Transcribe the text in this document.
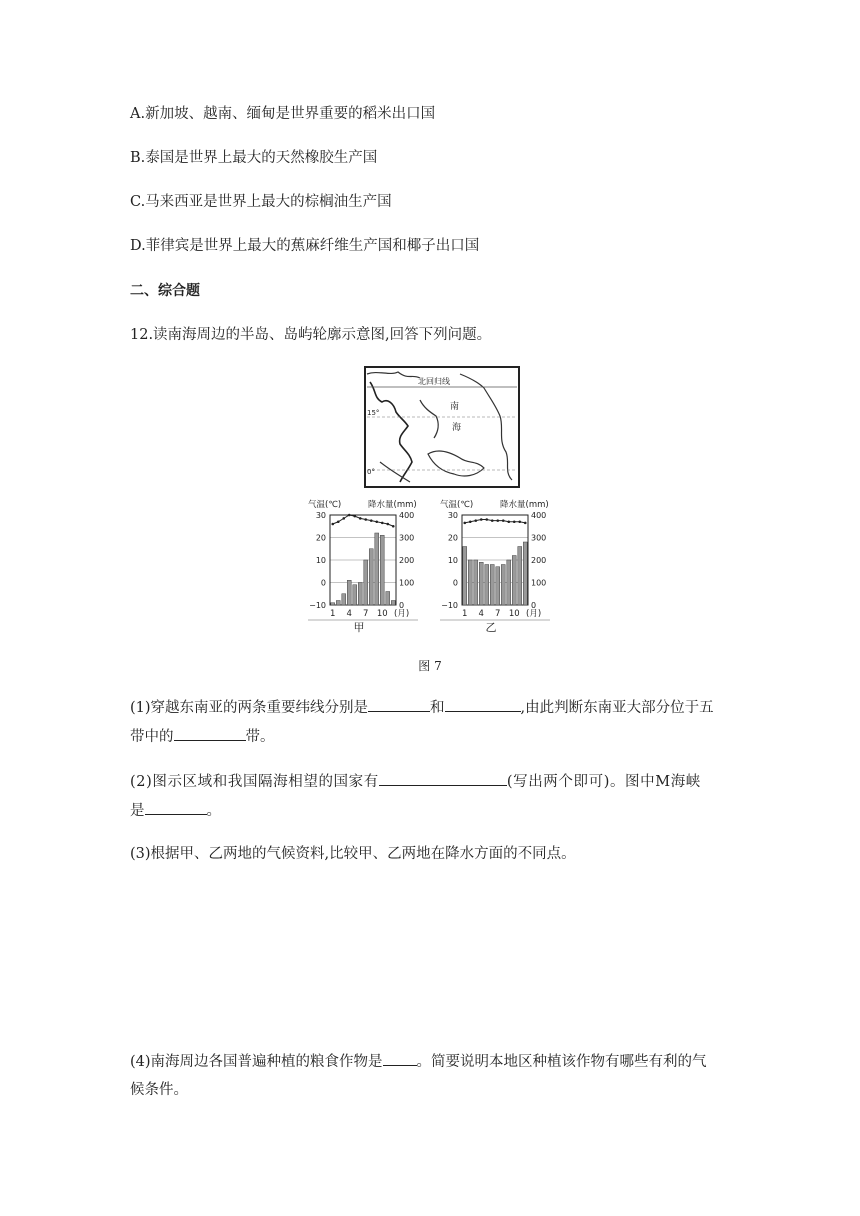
A.新加坡、越南、缅甸是世界重要的稻米出口国
B.泰国是世界上最大的天然橡胶生产国
C.马来西亚是世界上最大的棕榈油生产国
D.菲律宾是世界上最大的蕉麻纤维生产国和椰子出口国
二、综合题
12.读南海周边的半岛、岛屿轮廓示意图,回答下列问题。
北回归线
15°
0°
南
海
气温(℃)	降水量(mm)
30	400
20	300
10	200
0	100
−10	0
1 4 7 10 (月)
甲
气温(℃)	降水量(mm)
30	400
20	300
10	200
0	100
−10	0
1 4 7 10 (月)
乙
图 7
(1)穿越东南亚的两条重要纬线分别是	和	,由此判断东南亚大部分位于五
带中的	带。
(2)图示区域和我国隔海相望的国家有	(写出两个即可)。图中M海峡
是	。
(3)根据甲、乙两地的气候资料,比较甲、乙两地在降水方面的不同点。
(4)南海周边各国普遍种植的粮食作物是 。简要说明本地区种植该作物有哪些有利的气
候条件。
